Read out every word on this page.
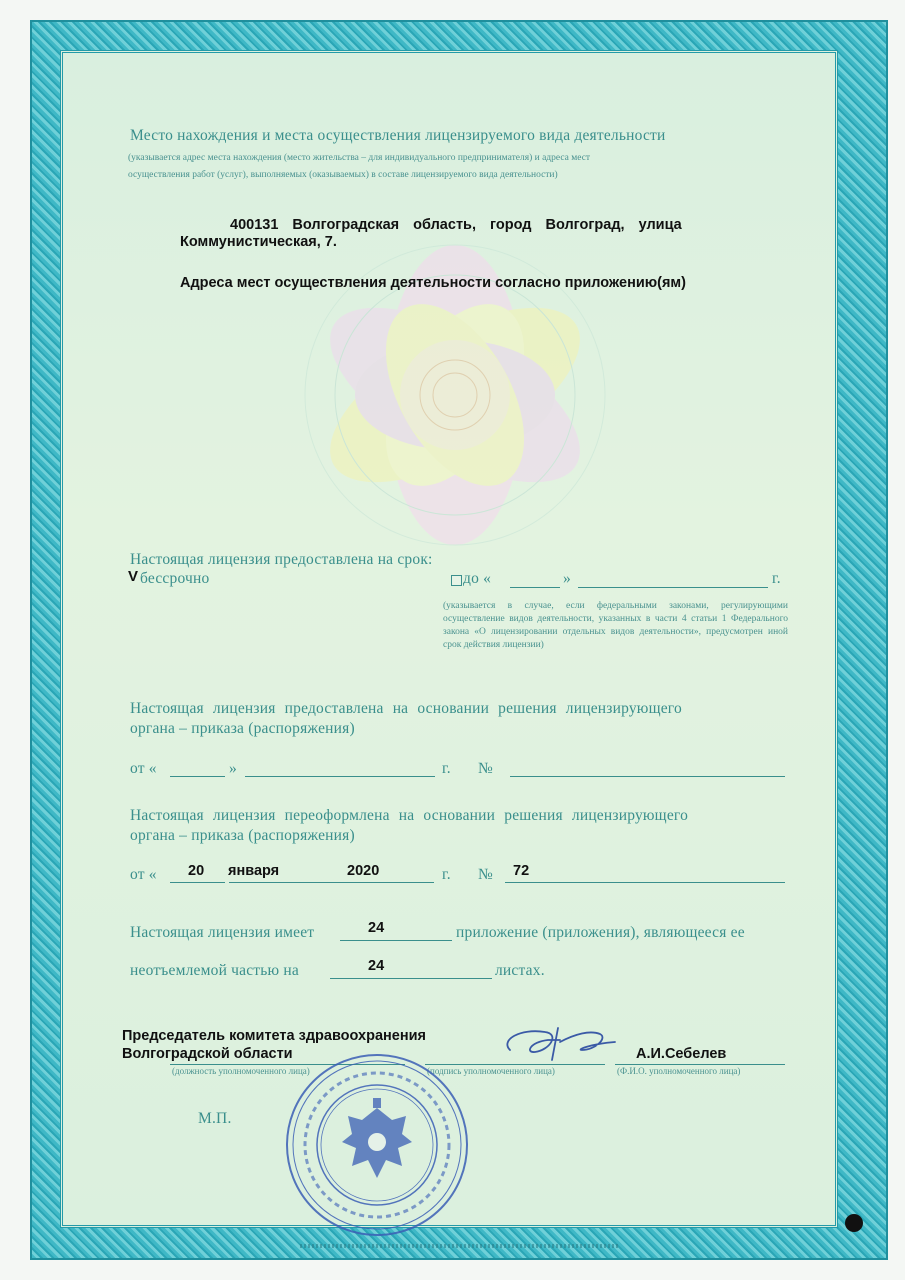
Место нахождения и места осуществления лицензируемого вида деятельности
(указывается адрес места нахождения (место жительства – для индивидуального предпринимателя) и адреса мест
осуществления работ (услуг), выполняемых (оказываемых) в составе лицензируемого вида деятельности)
400131 Волгоградская область, город Волгоград, улица
Коммунистическая, 7.
Адреса мест осуществления деятельности согласно приложению(ям)
Настоящая лицензия предоставлена на срок:
V бессрочно	до «	»	г.
(указывается в случае, если федеральными законами, регулирующими осуществление видов деятельности, указанных в части 4 статьи 1 Федерального закона «О лицензировании отдельных видов деятельности», предусмотрен иной срок действия лицензии)
Настоящая лицензия предоставлена на основании решения лицензирующего
органа – приказа (распоряжения)
от «	»	г. №
Настоящая лицензия переоформлена на основании решения лицензирующего
органа – приказа (распоряжения)
от « 20 января	2020	г. № 72
Настоящая лицензия имеет	24	приложение (приложения), являющееся ее
неотъемлемой частью на	24	листах.
Председатель комитета здравоохранения
Волгоградской области
(должность уполномоченного лица)	(подпись уполномоченного лица)
А.И.Себелев
(Ф.И.О. уполномоченного лица)
М.П.
